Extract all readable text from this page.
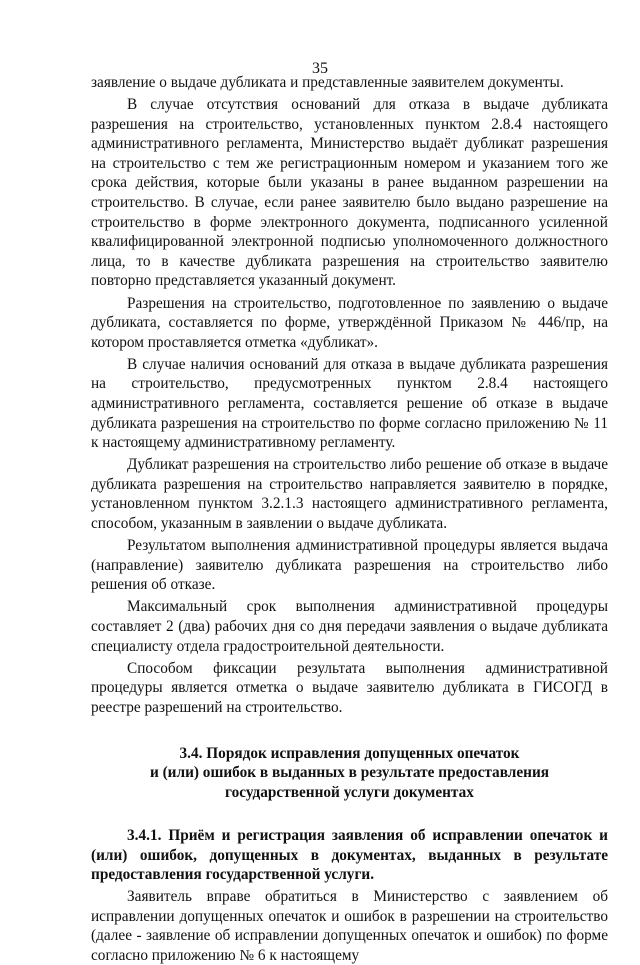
35

заявление о выдаче дубликата и представленные заявителем документы.

В случае отсутствия оснований для отказа в выдаче дубликата разрешения на строительство, установленных пунктом 2.8.4 настоящего административного регламента, Министерство выдаёт дубликат разрешения на строительство с тем же регистрационным номером и указанием того же срока действия, которые были указаны в ранее выданном разрешении на строительство. В случае, если ранее заявителю было выдано разрешение на строительство в форме электронного документа, подписанного усиленной квалифицированной электронной подписью уполномоченного должностного лица, то в качестве дубликата разрешения на строительство заявителю повторно представляется указанный документ.

Разрешения на строительство, подготовленное по заявлению о выдаче дубликата, составляется по форме, утверждённой Приказом № 446/пр, на котором проставляется отметка «дубликат».

В случае наличия оснований для отказа в выдаче дубликата разрешения на строительство, предусмотренных пунктом 2.8.4 настоящего административного регламента, составляется решение об отказе в выдаче дубликата разрешения на строительство по форме согласно приложению № 11 к настоящему административному регламенту.

Дубликат разрешения на строительство либо решение об отказе в выдаче дубликата разрешения на строительство направляется заявителю в порядке, установленном пунктом 3.2.1.3 настоящего административного регламента, способом, указанным в заявлении о выдаче дубликата.

Результатом выполнения административной процедуры является выдача (направление) заявителю дубликата разрешения на строительство либо решения об отказе.

Максимальный срок выполнения административной процедуры составляет 2 (два) рабочих дня со дня передачи заявления о выдаче дубликата специалисту отдела градостроительной деятельности.

Способом фиксации результата выполнения административной процедуры является отметка о выдаче заявителю дубликата в ГИСОГД в реестре разрешений на строительство.

3.4. Порядок исправления допущенных опечаток
и (или) ошибок в выданных в результате предоставления
государственной услуги документах

3.4.1. Приём и регистрация заявления об исправлении опечаток и (или) ошибок, допущенных в документах, выданных в результате предоставления государственной услуги.

Заявитель вправе обратиться в Министерство с заявлением об исправлении допущенных опечаток и ошибок в разрешении на строительство (далее - заявление об исправлении допущенных опечаток и ошибок) по форме согласно приложению № 6 к настоящему
